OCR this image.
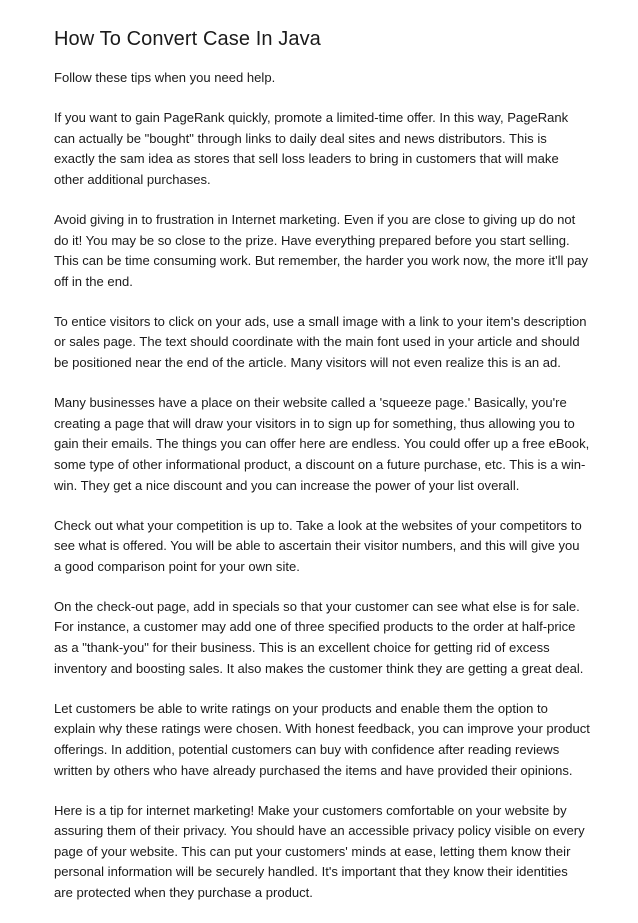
How To Convert Case In Java

Follow these tips when you need help.

If you want to gain PageRank quickly, promote a limited-time offer. In this way, PageRank can actually be "bought" through links to daily deal sites and news distributors. This is exactly the sam idea as stores that sell loss leaders to bring in customers that will make other additional purchases.

Avoid giving in to frustration in Internet marketing. Even if you are close to giving up do not do it! You may be so close to the prize. Have everything prepared before you start selling. This can be time consuming work. But remember, the harder you work now, the more it'll pay off in the end.

To entice visitors to click on your ads, use a small image with a link to your item's description or sales page. The text should coordinate with the main font used in your article and should be positioned near the end of the article. Many visitors will not even realize this is an ad.

Many businesses have a place on their website called a 'squeeze page.' Basically, you're creating a page that will draw your visitors in to sign up for something, thus allowing you to gain their emails. The things you can offer here are endless. You could offer up a free eBook, some type of other informational product, a discount on a future purchase, etc. This is a win-win. They get a nice discount and you can increase the power of your list overall.

Check out what your competition is up to. Take a look at the websites of your competitors to see what is offered. You will be able to ascertain their visitor numbers, and this will give you a good comparison point for your own site.

On the check-out page, add in specials so that your customer can see what else is for sale. For instance, a customer may add one of three specified products to the order at half-price as a "thank-you" for their business. This is an excellent choice for getting rid of excess inventory and boosting sales. It also makes the customer think they are getting a great deal.

Let customers be able to write ratings on your products and enable them the option to explain why these ratings were chosen. With honest feedback, you can improve your product offerings. In addition, potential customers can buy with confidence after reading reviews written by others who have already purchased the items and have provided their opinions.

Here is a tip for internet marketing! Make your customers comfortable on your website by assuring them of their privacy. You should have an accessible privacy policy visible on every page of your website. This can put your customers' minds at ease, letting them know their personal information will be securely handled. It's important that they know their identities are protected when they purchase a product.
